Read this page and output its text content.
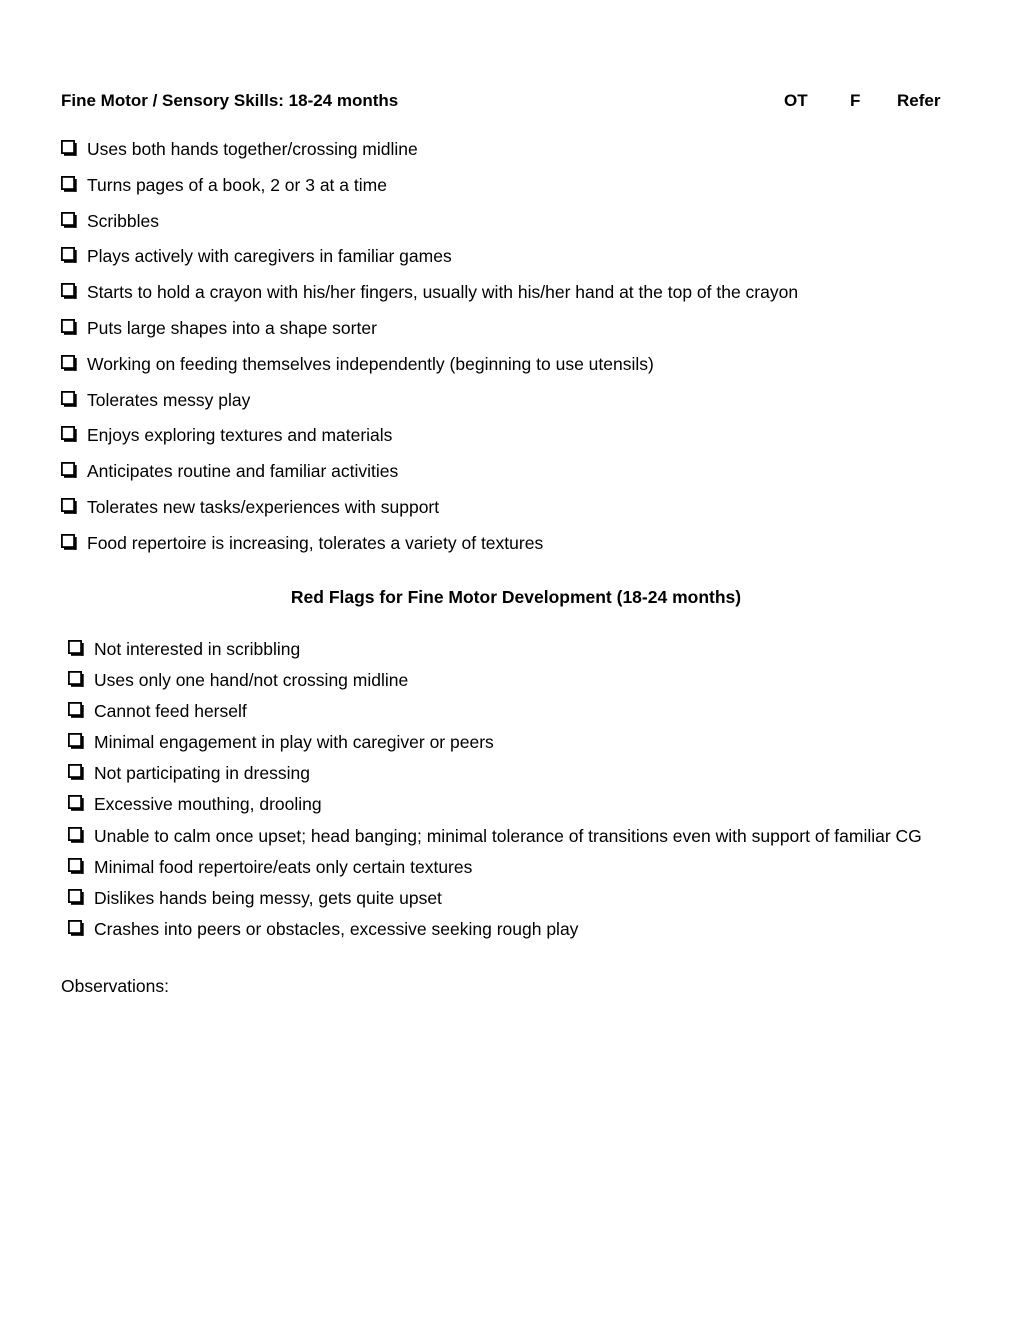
Fine Motor / Sensory Skills: 18-24 months	OT F Refer
Uses both hands together/crossing midline
Turns pages of a book, 2 or 3 at a time
Scribbles
Plays actively with caregivers in familiar games
Starts to hold a crayon with his/her fingers, usually with his/her hand at the top of the crayon
Puts large shapes into a shape sorter
Working on feeding themselves independently (beginning to use utensils)
Tolerates messy play
Enjoys exploring textures and materials
Anticipates routine and familiar activities
Tolerates new tasks/experiences with support
Food repertoire is increasing, tolerates a variety of textures
Red Flags for Fine Motor Development (18-24 months)
Not interested in scribbling
Uses only one hand/not crossing midline
Cannot feed herself
Minimal engagement in play with caregiver or peers
Not participating in dressing
Excessive mouthing, drooling
Unable to calm once upset; head banging; minimal tolerance of transitions even with support of familiar CG
Minimal food repertoire/eats only certain textures
Dislikes hands being messy, gets quite upset
Crashes into peers or obstacles, excessive seeking rough play
Observations:
